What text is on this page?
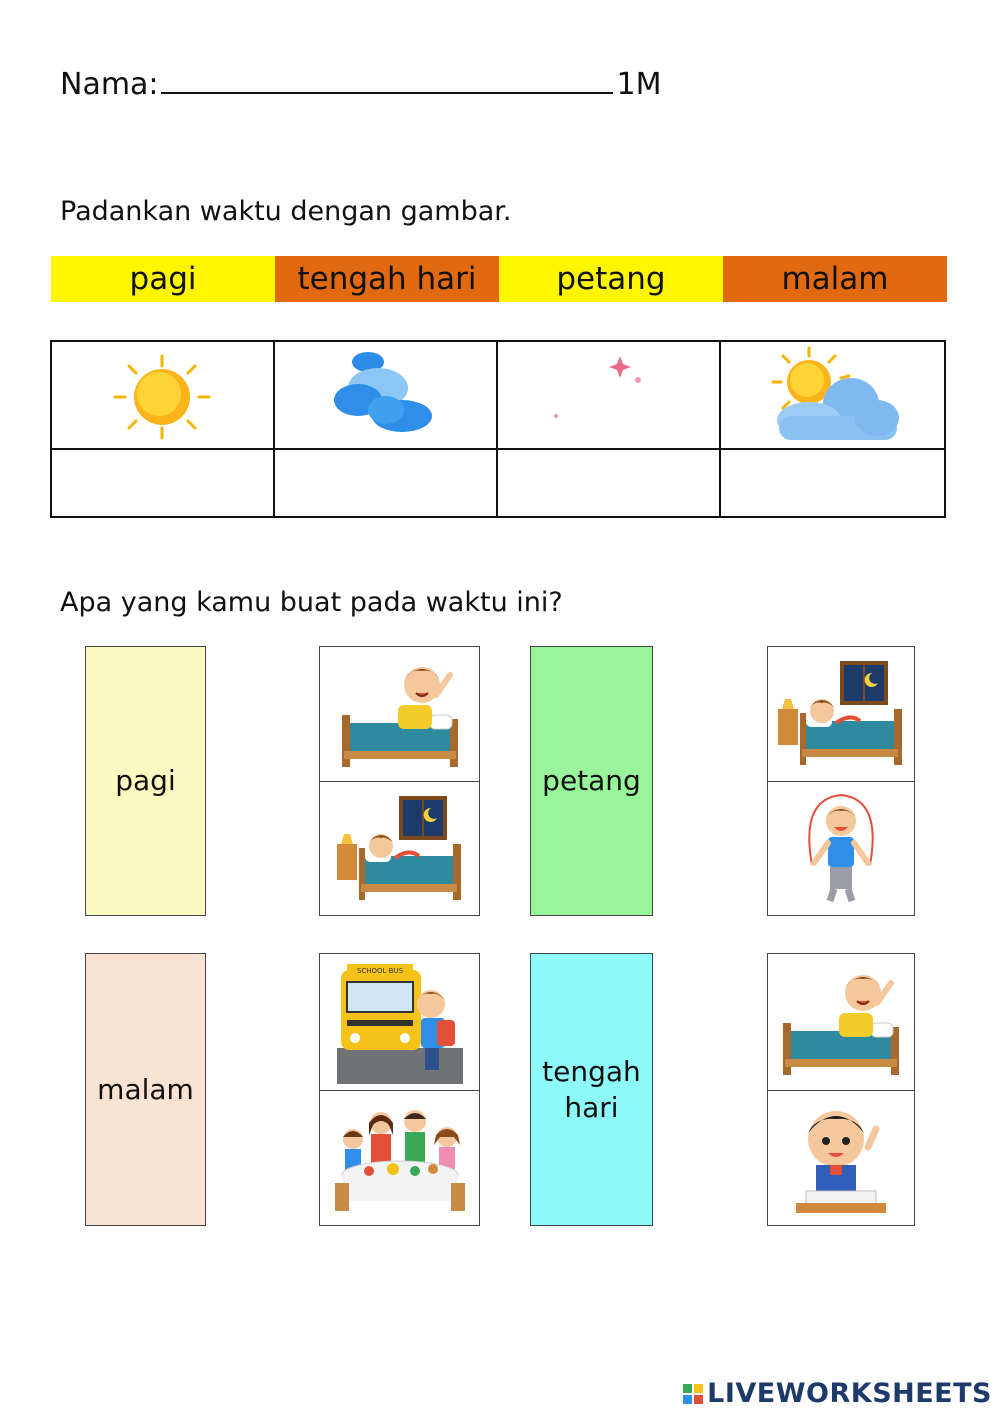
Nama:	1M
Padankan waktu dengan gambar.
pagi	tengah hari	petang	malam
Apa yang kamu buat pada waktu ini?
pagi	petang
malam
SCHOOL BUS
tengah
hari
LIVEWORKSHEETS
